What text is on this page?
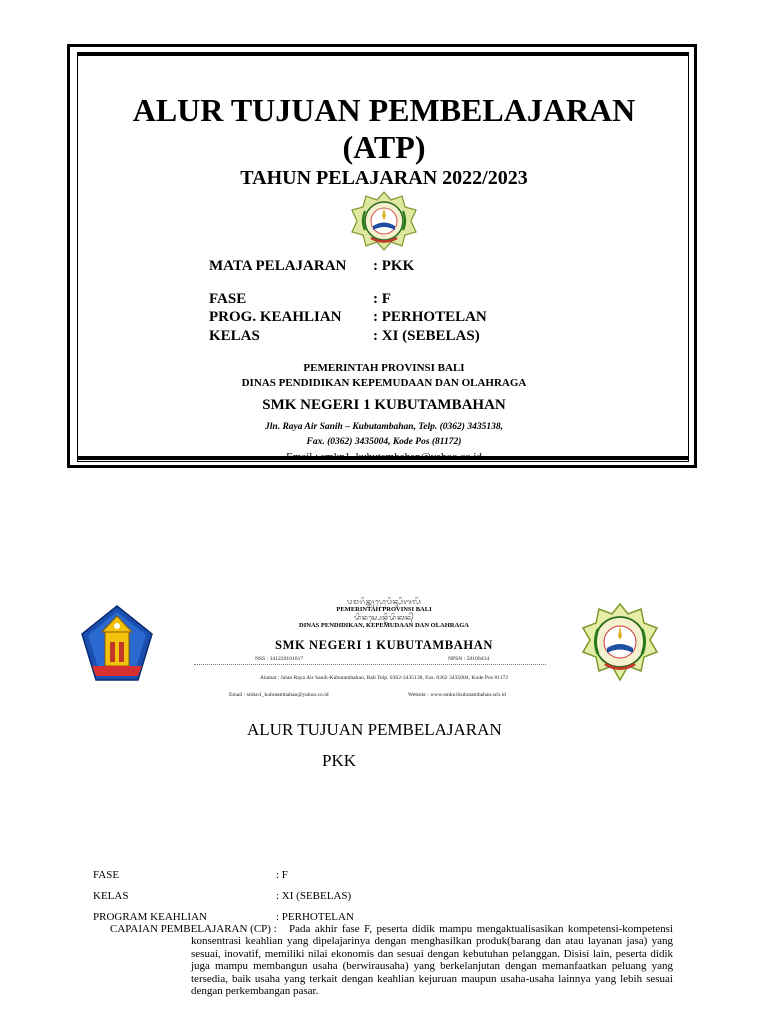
ALUR TUJUAN PEMBELAJARAN
(ATP)
TAHUN PELAJARAN 2022/2023
MATA PELAJARAN : PKK
FASE	: F
PROG. KEAHLIAN : PERHOTELAN
KELAS	: XI (SEBELAS)
PEMERINTAH PROVINSI BALI
DINAS PENDIDIKAN KEPEMUDAAN DAN OLAHRAGA
SMK NEGERI 1 KUBUTAMBAHAN
Jln. Raya Air Sanih – Kubutambahan, Telp. (0362) 3435138,
Fax. (0362) 3435004, Kode Pos (81172)
ᬧᬫᬭᬶᬦ᭄ᬢᬄᬧ᭄ᬭᭀᬧᬶᬦ᭄ᬲᬶᬩᬮᬶ
PEMERINTAH PROVINSI BALI
ᬤᬶᬦᬲ᭄ᬧᬾᬦ᭄ᬤᬶᬤᬶᬓᬦ᭄
DINAS PENDIDIKAN, KEPEMUDAAN DAN OLAHRAGA
SMK NEGERI 1 KUBUTAMBAHAN
NSS : 341220101017	NPSN : 50100434
Alamat : Jalan Raya Air Sanih-Kubutambahan, Bali Telp. 0362-3435138, Fax. 0362 3435004, Kode Pos 81172
Email : smkn1_kubutambahan@yahoo.co.id	Website : www.smkn1kubutambahan.sch.id
ALUR TUJUAN PEMBELAJARAN
PKK
FASE	: F
KELAS	: XI (SEBELAS)
PROGRAM KEAHLIAN	: PERHOTELAN
CAPAIAN PEMBELAJARAN (CP) :	Pada akhir fase F, peserta didik mampu mengaktualisasikan kompetensi-kompetensi konsentrasi keahlian yang dipelajarinya dengan menghasilkan produk(barang dan atau layanan jasa) yang sesuai, inovatif, memiliki nilai ekonomis dan sesuai dengan kebutuhan pelanggan. Disisi lain, peserta didik juga mampu membangun usaha (berwirausaha) yang berkelanjutan dengan memanfaatkan peluang yang tersedia, baik usaha yang terkait dengan keahlian kejuruan maupun usaha-usaha lainnya yang lebih sesuai dengan perkembangan pasar.
